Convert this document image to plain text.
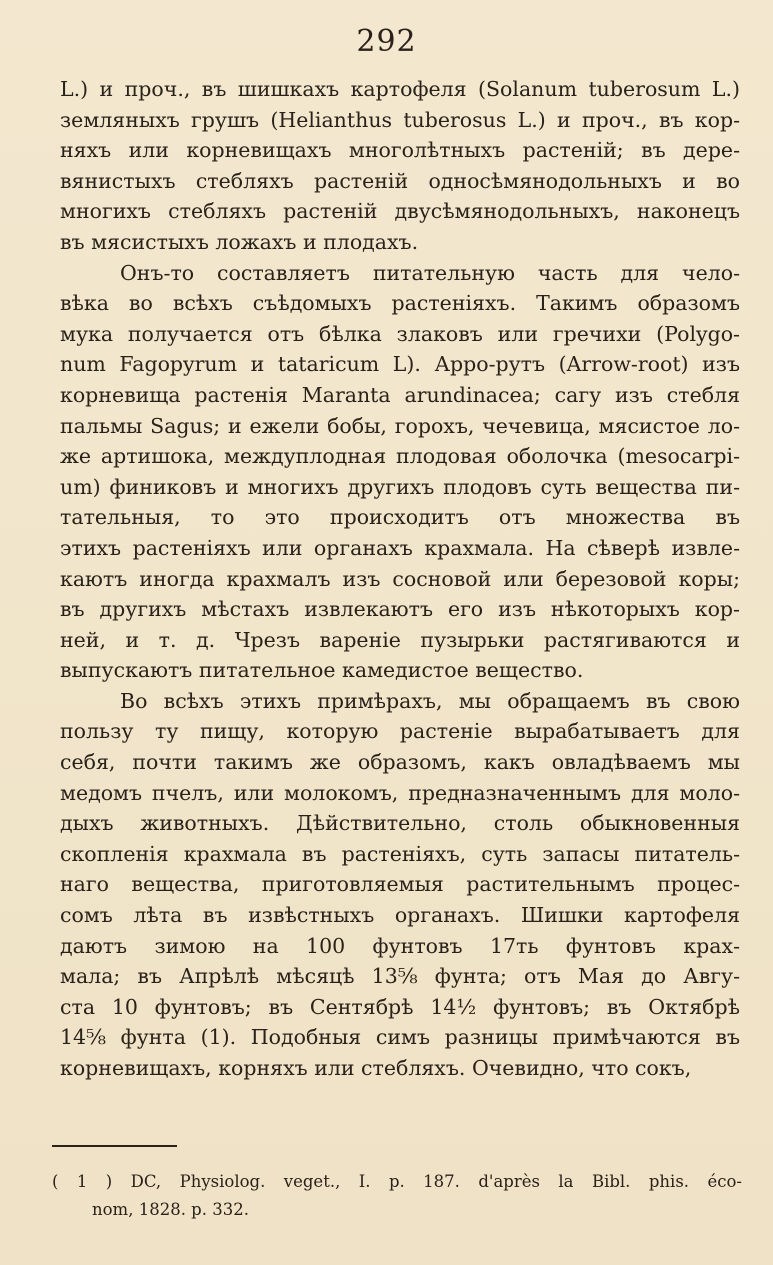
292
L.) и проч., въ шишкахъ картофеля (Solanum tuberosum L.)
земляныхъ грушъ (Helianthus tuberosus L.) и проч., въ кор-
няхъ или корневищахъ многолѣтныхъ растеній; въ дере-
вянистыхъ стебляхъ растеній односѣмянодольныхъ и во
многихъ стебляхъ растеній двусѣмянодольныхъ, наконецъ
въ мясистыхъ ложахъ и плодахъ.
Онъ-то составляетъ питательную часть для чело-
вѣка во всѣхъ съѣдомыхъ растеніяхъ. Такимъ образомъ
мука получается отъ бѣлка злаковъ или гречихи (Polygo-
num Fagopyrum и tataricum L). Арро-рутъ (Arrow-root) изъ
корневища растенія Maranta arundinacea; сагу изъ стебля
пальмы Sagus; и ежели бобы, горохъ, чечевица, мясистое ло-
же артишока, междуплодная плодовая оболочка (mesocarpi-
um) финиковъ и многихъ другихъ плодовъ суть вещества пи-
тательныя, то это происходитъ отъ множества въ
этихъ растеніяхъ или органахъ крахмала. На сѣверѣ извле-
каютъ иногда крахмалъ изъ сосновой или березовой коры;
въ другихъ мѣстахъ извлекаютъ его изъ нѣкоторыхъ кор-
ней, и т. д. Чрезъ вареніе пузырьки растягиваются и
выпускаютъ питательное камедистое вещество.
Во всѣхъ этихъ примѣрахъ, мы обращаемъ въ свою
пользу ту пищу, которую растеніе вырабатываетъ для
себя, почти такимъ же образомъ, какъ овладѣваемъ мы
медомъ пчелъ, или молокомъ, предназначеннымъ для моло-
дыхъ животныхъ. Дѣйствительно, столь обыкновенныя
скопленія крахмала въ растеніяхъ, суть запасы питатель-
наго вещества, приготовляемыя растительнымъ процес-
сомъ лѣта въ извѣстныхъ органахъ. Шишки картофеля
даютъ зимою на 100 фунтовъ 17ть фунтовъ крах-
мала; въ Апрѣлѣ мѣсяцѣ 13⅝ фунта; отъ Мая до Авгу-
ста 10 фунтовъ; въ Сентябрѣ 14½ фунтовъ; въ Октябрѣ
14⅝ фунта (1). Подобныя симъ разницы примѣчаются въ
корневищахъ, корняхъ или стебляхъ. Очевидно, что сокъ,
( 1 ) DC, Physiolog. veget., I. p. 187. d'après la Bibl. phis. éco-
nom, 1828. p. 332.
